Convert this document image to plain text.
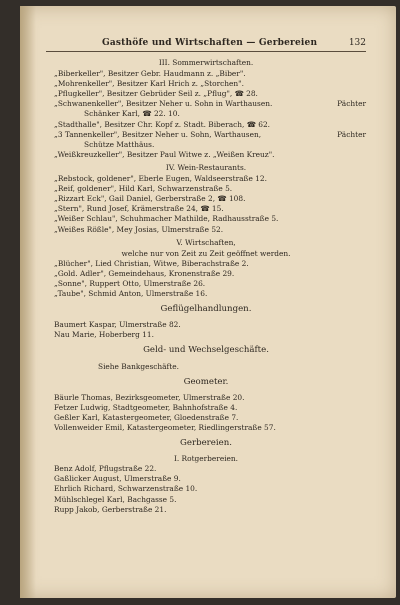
Gasthöfe und Wirtschaften — Gerbereien	132
III. Sommerwirtschaften.
„Biberkeller", Besitzer Gebr. Haudmann z. „Biber".
„Mohrenkeller", Besitzer Karl Hrich z. „Storchen".
„Pflugkeller", Besitzer Gebrüder Seil z. „Pflug", ☎ 28.
„Schwanenkeller", Besitzer Neher u. Sohn in Warthausen.	Pächter
Schänker Karl, ☎ 22. 10.
„Stadthalle", Besitzer Chr. Kopf z. Stadt. Biberach, ☎ 62.
„3 Tannenkeller", Besitzer Neher u. Sohn, Warthausen,	Pächter
Schütze Matthäus.
„Weißkreuzkeller", Besitzer Paul Witwe z. „Weißen Kreuz".
IV. Wein-Restaurants.
„Rebstock, goldener", Eberle Eugen, Waldseerstraße 12.
„Reif, goldener", Hild Karl, Schwarzenstraße 5.
„Rizzart Eck", Gail Daniel, Gerberstraße 2, ☎ 108.
„Stern", Rund Josef, Krämerstraße 24, ☎ 15.
„Weißer Schlau", Schuhmacher Mathilde, Radhausstraße 5.
„Weißes Rößle", Mey Josias, Ulmerstraße 52.
V. Wirtschaften,
welche nur von Zeit zu Zeit geöffnet werden.
„Blücher", Lied Christian, Witwe, Biberachstraße 2.
„Gold. Adler", Gemeindehaus, Kronenstraße 29.
„Sonne", Ruppert Otto, Ulmerstraße 26.
„Taube", Schmid Anton, Ulmerstraße 16.
Geflügelhandlungen.
Baumert Kaspar, Ulmerstraße 82.
Nau Marie, Hoberberg 11.
Geld- und Wechselgeschäfte.
Siehe Bankgeschäfte.
Geometer.
Bäurle Thomas, Bezirksgeometer, Ulmerstraße 20.
Fetzer Ludwig, Stadtgeometer, Bahnhofstraße 4.
Geßler Karl, Katastergeometer, Gloedenstraße 7.
Vollenweider Emil, Katastergeometer, Riedlingerstraße 57.
Gerbereien.
I. Rotgerbereien.
Benz Adolf, Pflugstraße 22.
Gaßlicker August, Ulmerstraße 9.
Ehrlich Richard, Schwarzenstraße 10.
Mühlschlegel Karl, Bachgasse 5.
Rupp Jakob, Gerberstraße 21.
